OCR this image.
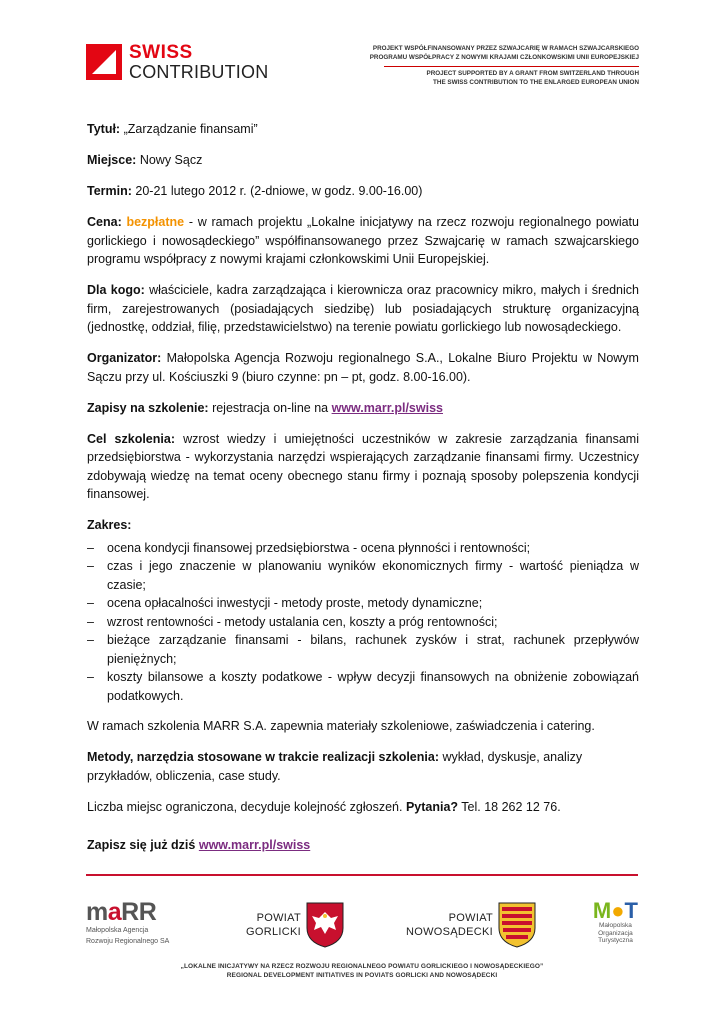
SWISS
CONTRIBUTION
PROJEKT WSPÓŁFINANSOWANY PRZEZ SZWAJCARIĘ W RAMACH SZWAJCARSKIEGO
PROGRAMU WSPÓŁPRACY Z NOWYMI KRAJAMI CZŁONKOWSKIMI UNII EUROPEJSKIEJ
PROJECT SUPPORTED BY A GRANT FROM SWITZERLAND THROUGH
THE SWISS CONTRIBUTION TO THE ENLARGED EUROPEAN UNION

Tytuł: „Zarządzanie finansami”

Miejsce: Nowy Sącz

Termin: 20-21 lutego 2012 r. (2-dniowe, w godz. 9.00-16.00)

Cena: bezpłatne - w ramach projektu „Lokalne inicjatywy na rzecz rozwoju regionalnego powiatu gorlickiego i nowosądeckiego” współfinansowanego przez Szwajcarię w ramach szwajcarskiego programu współpracy z nowymi krajami członkowskimi Unii Europejskiej.

Dla kogo: właściciele, kadra zarządzająca i kierownicza oraz pracownicy mikro, małych i średnich firm, zarejestrowanych (posiadających siedzibę) lub posiadających strukturę organizacyjną (jednostkę, oddział, filię, przedstawicielstwo) na terenie powiatu gorlickiego lub nowosądeckiego.

Organizator: Małopolska Agencja Rozwoju regionalnego S.A., Lokalne Biuro Projektu w Nowym Sączu przy ul. Kościuszki 9 (biuro czynne: pn – pt, godz. 8.00-16.00).

Zapisy na szkolenie: rejestracja on-line na www.marr.pl/swiss

Cel szkolenia: wzrost wiedzy i umiejętności uczestników w zakresie zarządzania finansami przedsiębiorstwa - wykorzystania narzędzi wspierających zarządzanie finansami firmy. Uczestnicy zdobywają wiedzę na temat oceny obecnego stanu firmy i poznają sposoby polepszenia kondycji finansowej.

Zakres:

– ocena kondycji finansowej przedsiębiorstwa - ocena płynności i rentowności;
– czas i jego znaczenie w planowaniu wyników ekonomicznych firmy - wartość pieniądza w czasie;
– ocena opłacalności inwestycji - metody proste, metody dynamiczne;
– wzrost rentowności - metody ustalania cen, koszty a próg rentowności;
– bieżące zarządzanie finansami - bilans, rachunek zysków i strat, rachunek przepływów pieniężnych;
– koszty bilansowe a koszty podatkowe - wpływ decyzji finansowych na obniżenie zobowiązań podatkowych.

W ramach szkolenia MARR S.A. zapewnia materiały szkoleniowe, zaświadczenia i catering.

Metody, narzędzia stosowane w trakcie realizacji szkolenia: wykład, dyskusje, analizy przykładów, obliczenia, case study.

Liczba miejsc ograniczona, decyduje kolejność zgłoszeń. Pytania? Tel. 18 262 12 76.

Zapisz się już dziś www.marr.pl/swiss

maRR
Małopolska Agencja
Rozwoju Regionalnego SA
POWIAT
GORLICKI
POWIAT
NOWOSĄDECKI
M●T
Małopolska
Organizacja
Turystyczna
„LOKALNE INICJATYWY NA RZECZ ROZWOJU REGIONALNEGO POWIATU GORLICKIEGO I NOWOSĄDECKIEGO”
REGIONAL DEVELOPMENT INITIATIVES IN POVIATS GORLICKI AND NOWOSĄDECKI
